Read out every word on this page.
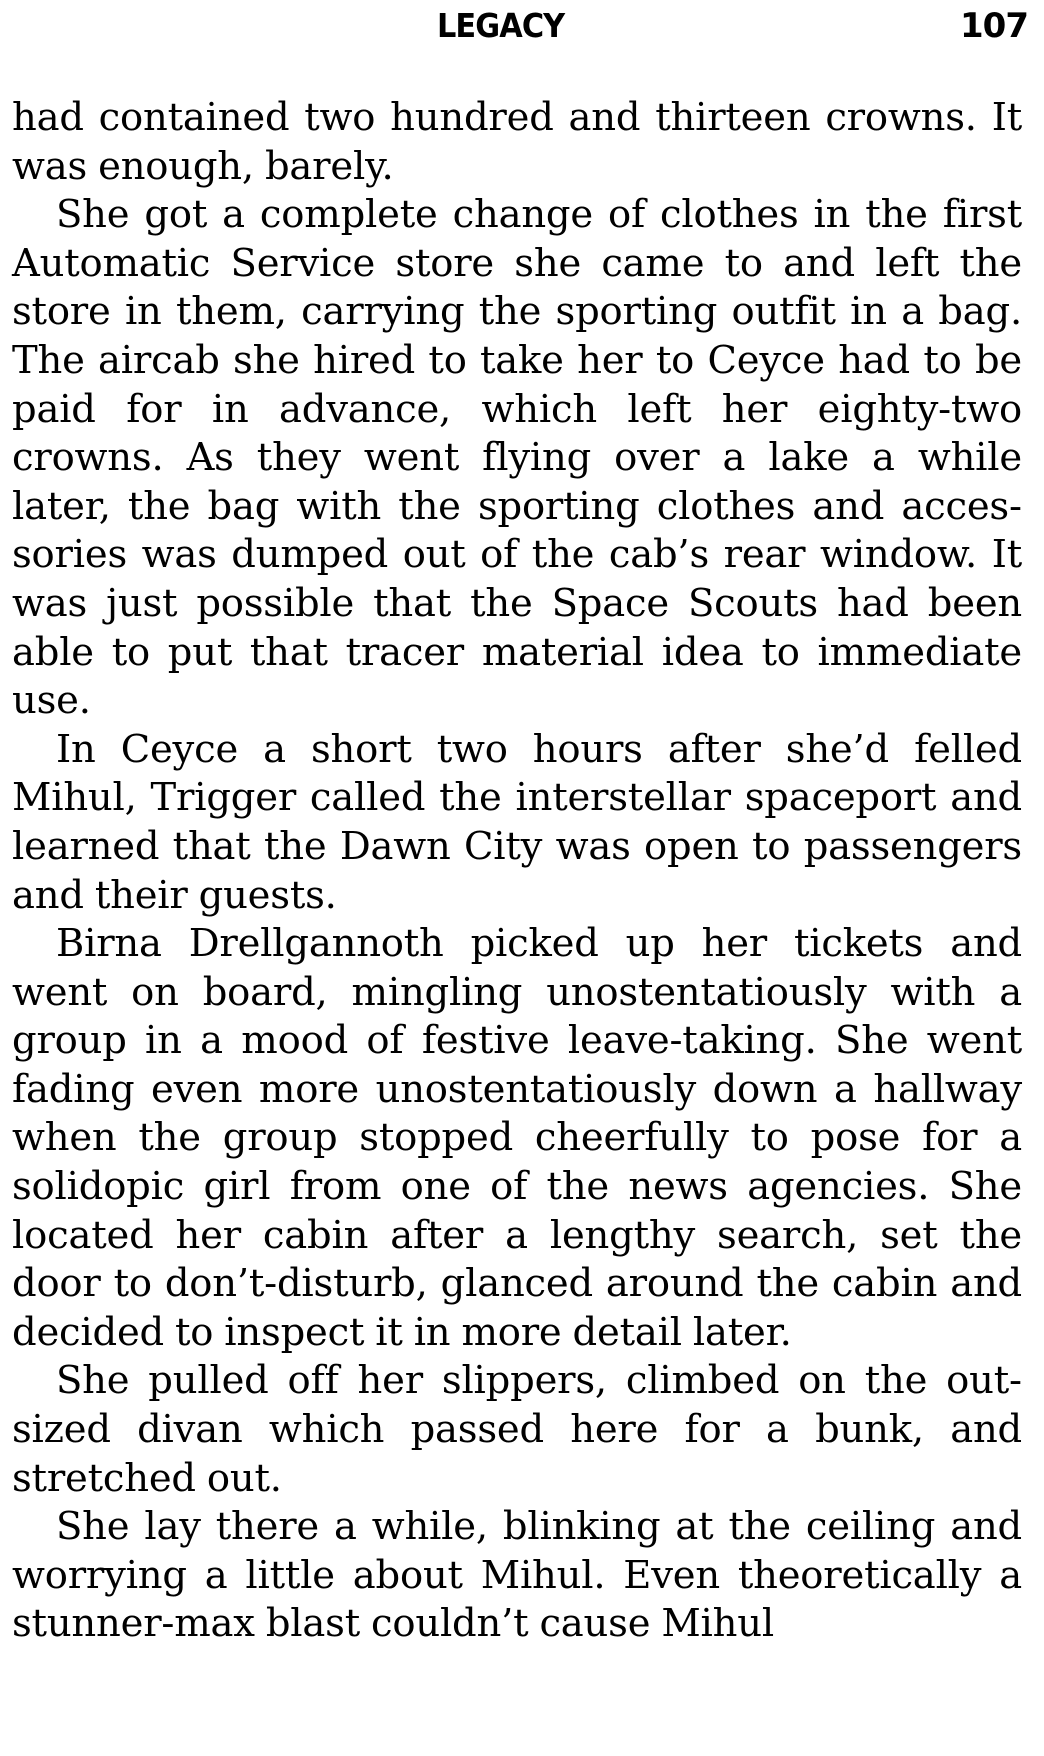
LEGACY	107

had contained two hundred and thirteen crowns. It was enough, barely.

She got a complete change of clothes in the first Automatic Service store she came to and left the store in them, carrying the sporting outfit in a bag. The aircab she hired to take her to Ceyce had to be paid for in advance, which left her eighty-two crowns. As they went flying over a lake a while later, the bag with the sporting clothes and accessories was dumped out of the cab’s rear window. It was just possible that the Space Scouts had been able to put that tracer material idea to immediate use.

In Ceyce a short two hours after she’d felled Mihul, Trigger called the interstellar spaceport and learned that the Dawn City was open to passengers and their guests.

Birna Drellgannoth picked up her tickets and went on board, mingling unostentatiously with a group in a mood of festive leave-taking. She went fading even more unostentatiously down a hallway when the group stopped cheerfully to pose for a solidopic girl from one of the news agencies. She located her cabin after a lengthy search, set the door to don’t-disturb, glanced around the cabin and decided to inspect it in more detail later.

She pulled off her slippers, climbed on the outsized divan which passed here for a bunk, and stretched out.

She lay there a while, blinking at the ceiling and worrying a little about Mihul. Even theoretically a stunner-max blast couldn’t cause Mihul
